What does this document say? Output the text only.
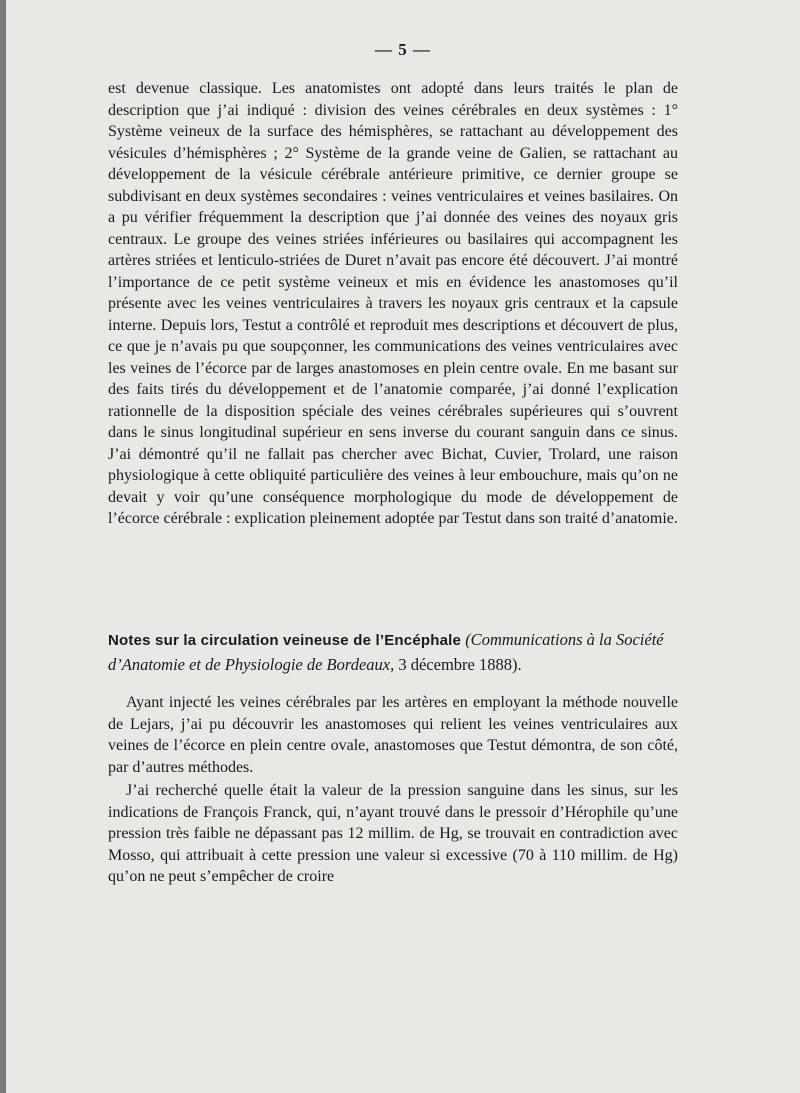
— 5 —

est devenue classique. Les anatomistes ont adopté dans leurs traités le plan de description que j’ai indiqué : division des veines cérébrales en deux systèmes : 1° Système veineux de la surface des hémisphères, se rattachant au développement des vésicules d’hémisphères ; 2° Système de la grande veine de Galien, se rattachant au développement de la vésicule cérébrale antérieure primitive, ce dernier groupe se subdivisant en deux systèmes secondaires : veines ventriculaires et veines basilaires. On a pu vérifier fréquemment la description que j’ai donnée des veines des noyaux gris centraux. Le groupe des veines striées inférieures ou basilaires qui accompagnent les artères striées et lenticulo-striées de Duret n’avait pas encore été découvert. J’ai montré l’importance de ce petit système veineux et mis en évidence les anastomoses qu’il présente avec les veines ventriculaires à travers les noyaux gris centraux et la capsule interne. Depuis lors, Testut a contrôlé et reproduit mes descriptions et découvert de plus, ce que je n’avais pu que soupçonner, les communications des veines ventriculaires avec les veines de l’écorce par de larges anastomoses en plein centre ovale. En me basant sur des faits tirés du développement et de l’anatomie comparée, j’ai donné l’explication rationnelle de la disposition spéciale des veines cérébrales supérieures qui s’ouvrent dans le sinus longitudinal supérieur en sens inverse du courant sanguin dans ce sinus. J’ai démontré qu’il ne fallait pas chercher avec Bichat, Cuvier, Trolard, une raison physiologique à cette obliquité particulière des veines à leur embouchure, mais qu’on ne devait y voir qu’une conséquence morphologique du mode de développement de l’écorce cérébrale : explication pleinement adoptée par Testut dans son traité d’anatomie.

Notes sur la circulation veineuse de l’Encéphale (Communications à la Société d’Anatomie et de Physiologie de Bordeaux, 3 décembre 1888).

Ayant injecté les veines cérébrales par les artères en employant la méthode nouvelle de Lejars, j’ai pu découvrir les anastomoses qui relient les veines ventriculaires aux veines de l’écorce en plein centre ovale, anastomoses que Testut démontra, de son côté, par d’autres méthodes.

J’ai recherché quelle était la valeur de la pression sanguine dans les sinus, sur les indications de François Franck, qui, n’ayant trouvé dans le pressoir d’Hérophile qu’une pression très faible ne dépassant pas 12 millim. de Hg, se trouvait en contradiction avec Mosso, qui attribuait à cette pression une valeur si excessive (70 à 110 millim. de Hg) qu’on ne peut s’empêcher de croire
